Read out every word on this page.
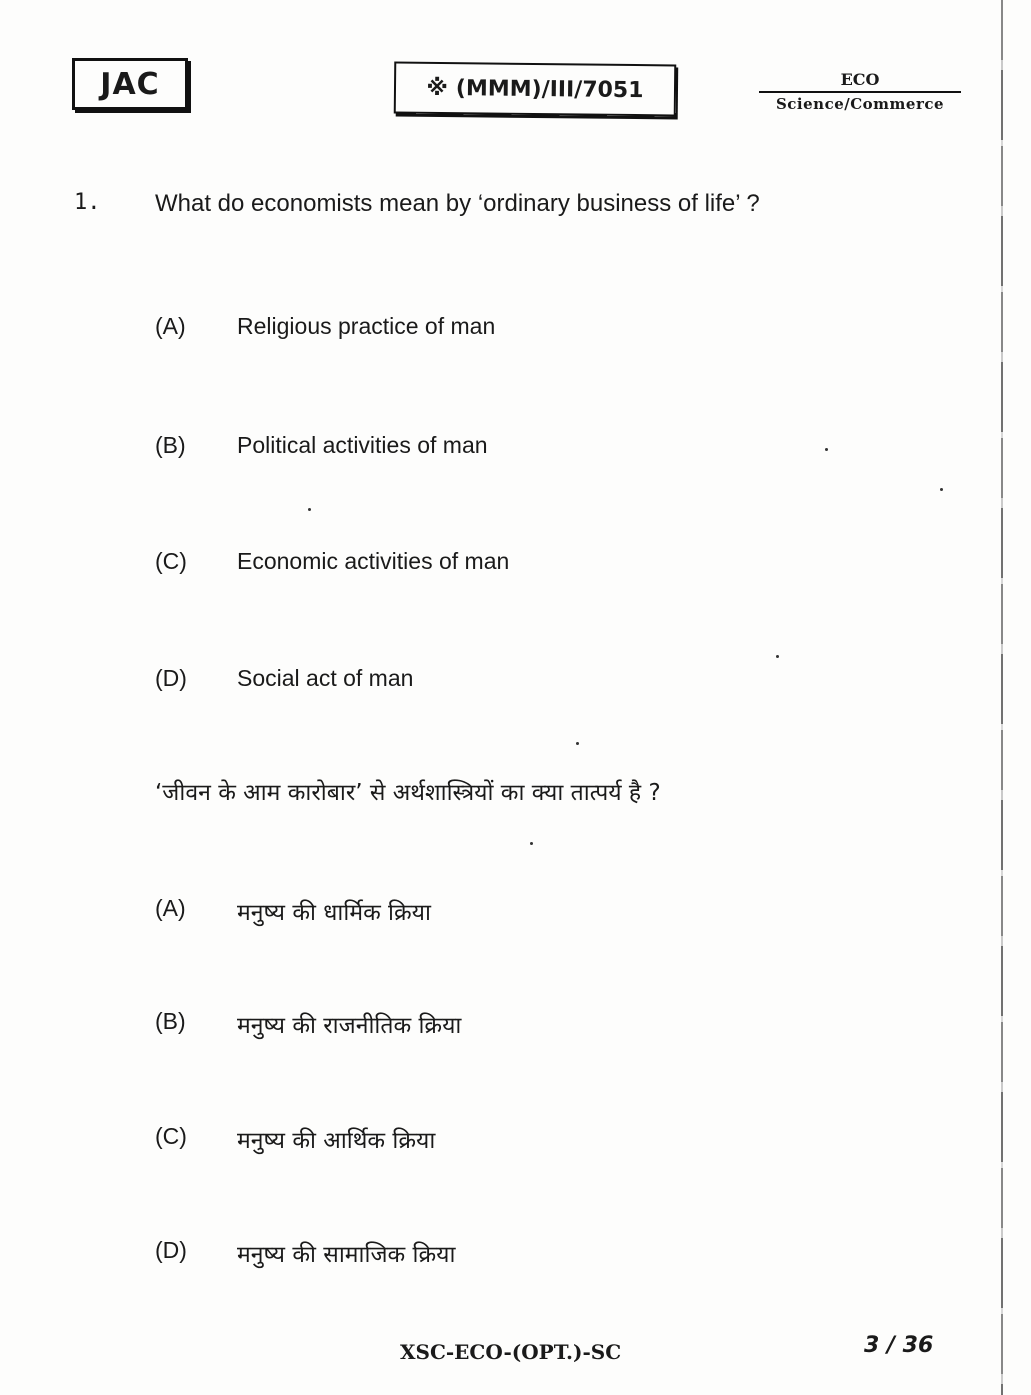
JAC	※ (MMM)/III/7051	ECO
Science/Commerce
1. What do economists mean by ‘ordinary business of life’ ?
(A)	Religious practice of man
(B)	Political activities of man
(C)	Economic activities of man
(D)	Social act of man
‘जीवन के आम कारोबार’ से अर्थशास्त्रियों का क्या तात्पर्य है ?
(A)	मनुष्य की धार्मिक क्रिया
(B)	मनुष्य की राजनीतिक क्रिया
(C)	मनुष्य की आर्थिक क्रिया
(D)	मनुष्य की सामाजिक क्रिया
XSC-ECO-(OPT.)-SC	3 / 36
